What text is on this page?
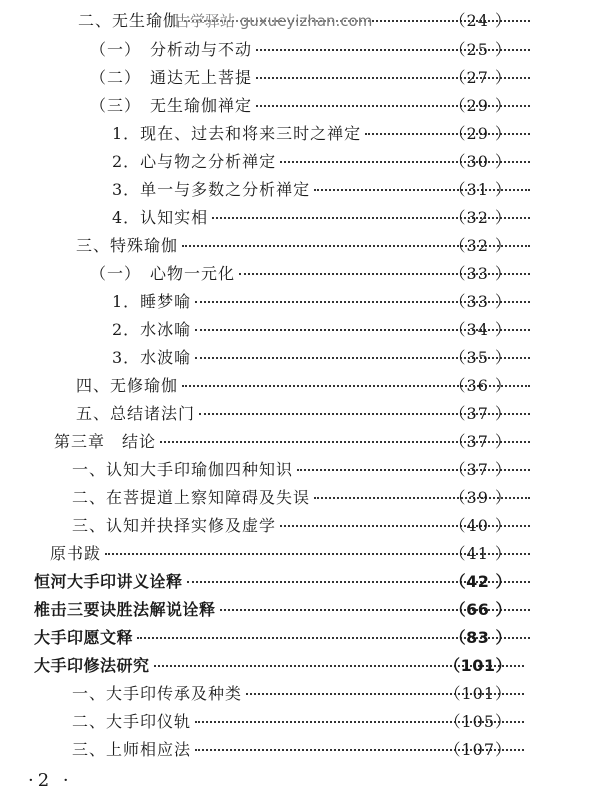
二、无生瑜伽	（24 ）
（一）　分析动与不动	（25 ）
（二）　通达无上菩提	（27 ）
（三）　无生瑜伽禅定	（29 ）
1．现在、过去和将来三时之禅定	（29 ）
2．心与物之分析禅定	（30 ）
3．单一与多数之分析禅定	（31 ）
4．认知实相	（32 ）
三、特殊瑜伽	（32 ）
（一）　心物一元化	（33 ）
1．睡梦喻	（33 ）
2．水冰喻	（34 ）
3．水波喻	（35 ）
四、无修瑜伽	（36 ）
五、总结诸法门	（37 ）
第三章　结论	（37 ）
一、认知大手印瑜伽四种知识	（37 ）
二、在菩提道上察知障碍及失误	（39 ）
三、认知并抉择实修及虚学	（40 ）
原书跋	（41 ）
恒河大手印讲义诠释	（42 ）
椎击三要诀胜法解说诠释	（66 ）
大手印愿文释	（83 ）
大手印修法研究	（101）
一、大手印传承及种类	（101）
二、大手印仪轨	（105）
三、上师相应法	（107）
古学驿站 guxueyizhan.com
·2 ·
